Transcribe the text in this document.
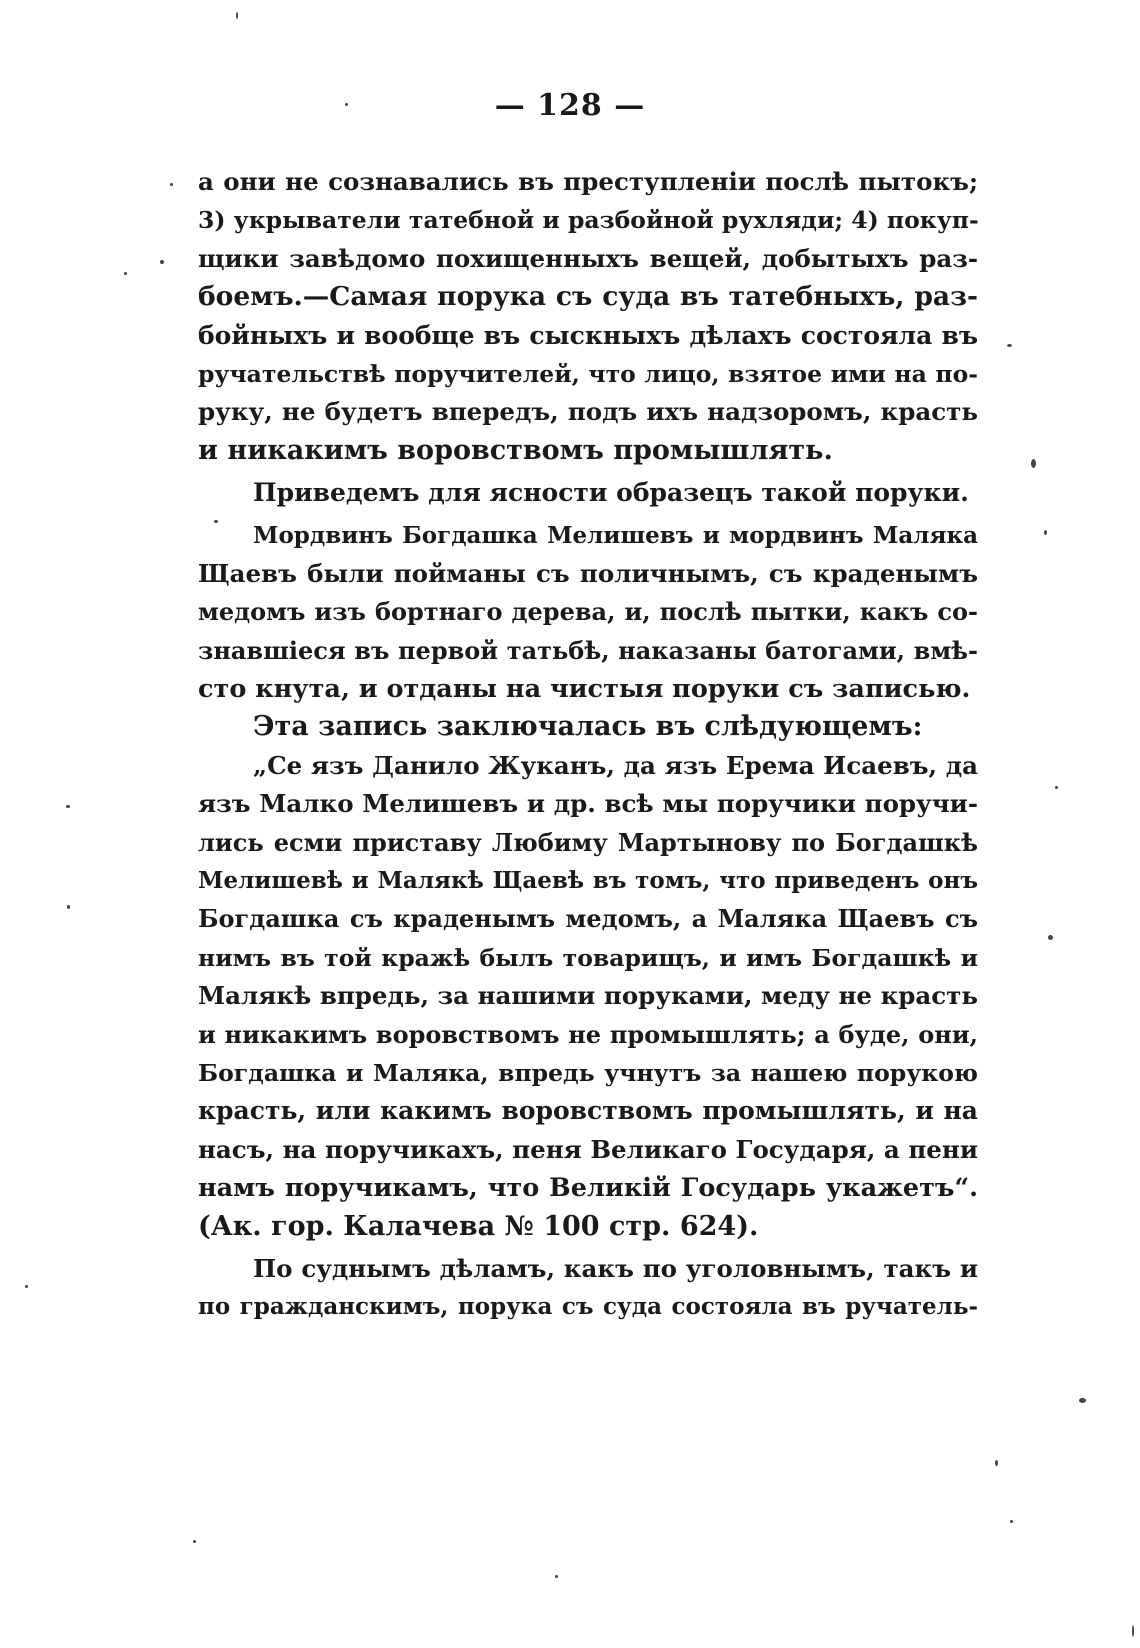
— 128 —
а они не сознавались въ преступленіи послѣ пытокъ;
3) укрыватели татебной и разбойной рухляди; 4) покуп-
щики завѣдомо похищенныхъ вещей, добытыхъ раз-
боемъ.—Самая порука съ суда въ татебныхъ, раз-
бойныхъ и вообще въ сыскныхъ дѣлахъ состояла въ
ручательствѣ поручителей, что лицо, взятое ими на по-
руку, не будетъ впередъ, подъ ихъ надзоромъ, красть
и никакимъ воровствомъ промышлять.
Приведемъ для ясности образецъ такой поруки.
Мордвинъ Богдашка Мелишевъ и мордвинъ Маляка
Щаевъ были пойманы съ поличнымъ, съ краденымъ
медомъ изъ бортнаго дерева, и, послѣ пытки, какъ со-
знавшіеся въ первой татьбѣ, наказаны батогами, вмѣ-
сто кнута, и отданы на чистыя поруки съ записью.
Эта запись заключалась въ слѣдующемъ:
„Се язъ Данило Жуканъ, да язъ Ерема Исаевъ, да
язъ Малко Мелишевъ и др. всѣ мы поручики поручи-
лись есми приставу Любиму Мартынову по Богдашкѣ
Мелишевѣ и Малякѣ Щаевѣ въ томъ, что приведенъ онъ
Богдашка съ краденымъ медомъ, а Маляка Щаевъ съ
нимъ въ той кражѣ былъ товарищъ, и имъ Богдашкѣ и
Малякѣ впредь, за нашими поруками, меду не красть
и никакимъ воровствомъ не промышлять; а буде, они,
Богдашка и Маляка, впредь учнутъ за нашею порукою
красть, или какимъ воровствомъ промышлять, и на
насъ, на поручикахъ, пеня Великаго Государя, а пени
намъ поручикамъ, что Великій Государь укажетъ“.
(Ак. гор. Калачева № 100 стр. 624).
По суднымъ дѣламъ, какъ по уголовнымъ, такъ и
по гражданскимъ, порука съ суда состояла въ ручатель-
